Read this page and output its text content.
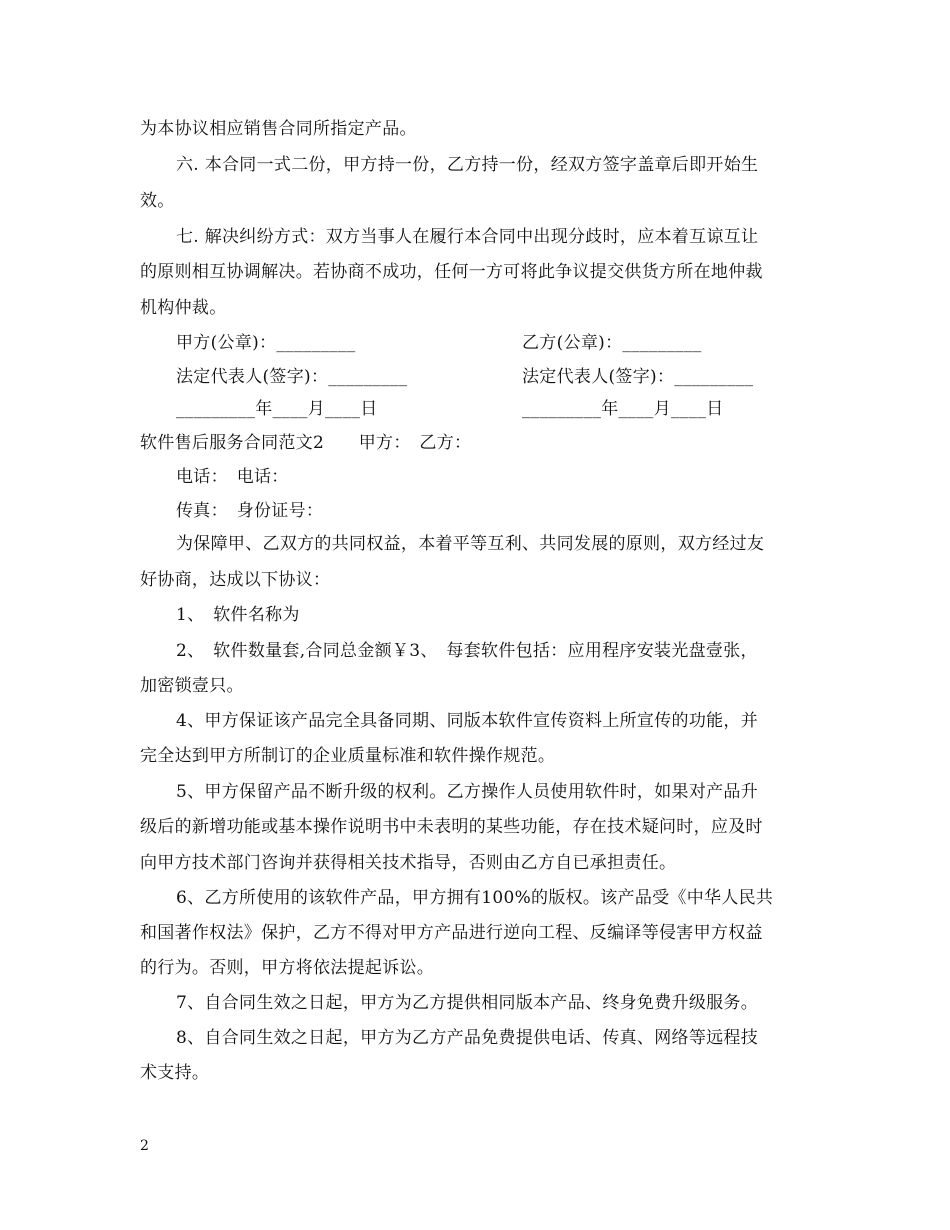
为本协议相应销售合同所指定产品。
六. 本合同一式二份，甲方持一份，乙方持一份，经双方签字盖章后即开始生
效。
七. 解决纠纷方式：双方当事人在履行本合同中出现分歧时，应本着互谅互让
的原则相互协调解决。若协商不成功，任何一方可将此争议提交供货方所在地仲裁
机构仲裁。
甲方(公章)：_________	乙方(公章)：_________
法定代表人(签字)：_________	法定代表人(签字)：_________
_________年____月____日	_________年____月____日
软件售后服务合同范文2　　甲方：　乙方：
电话：　电话：
传真：　身份证号：
为保障甲、乙双方的共同权益，本着平等互利、共同发展的原则，双方经过友
好协商，达成以下协议：
1、　软件名称为
2、　软件数量套,合同总金额￥3、　每套软件包括：应用程序安装光盘壹张，
加密锁壹只。
4、甲方保证该产品完全具备同期、同版本软件宣传资料上所宣传的功能，并
完全达到甲方所制订的企业质量标准和软件操作规范。
5、甲方保留产品不断升级的权利。乙方操作人员使用软件时，如果对产品升
级后的新增功能或基本操作说明书中未表明的某些功能，存在技术疑问时，应及时
向甲方技术部门咨询并获得相关技术指导，否则由乙方自已承担责任。
6、乙方所使用的该软件产品，甲方拥有100%的版权。该产品受《中华人民共
和国著作权法》保护，乙方不得对甲方产品进行逆向工程、反编译等侵害甲方权益
的行为。否则，甲方将依法提起诉讼。
7、自合同生效之日起，甲方为乙方提供相同版本产品、终身免费升级服务。
8、自合同生效之日起，甲方为乙方产品免费提供电话、传真、网络等远程技
术支持。
2
